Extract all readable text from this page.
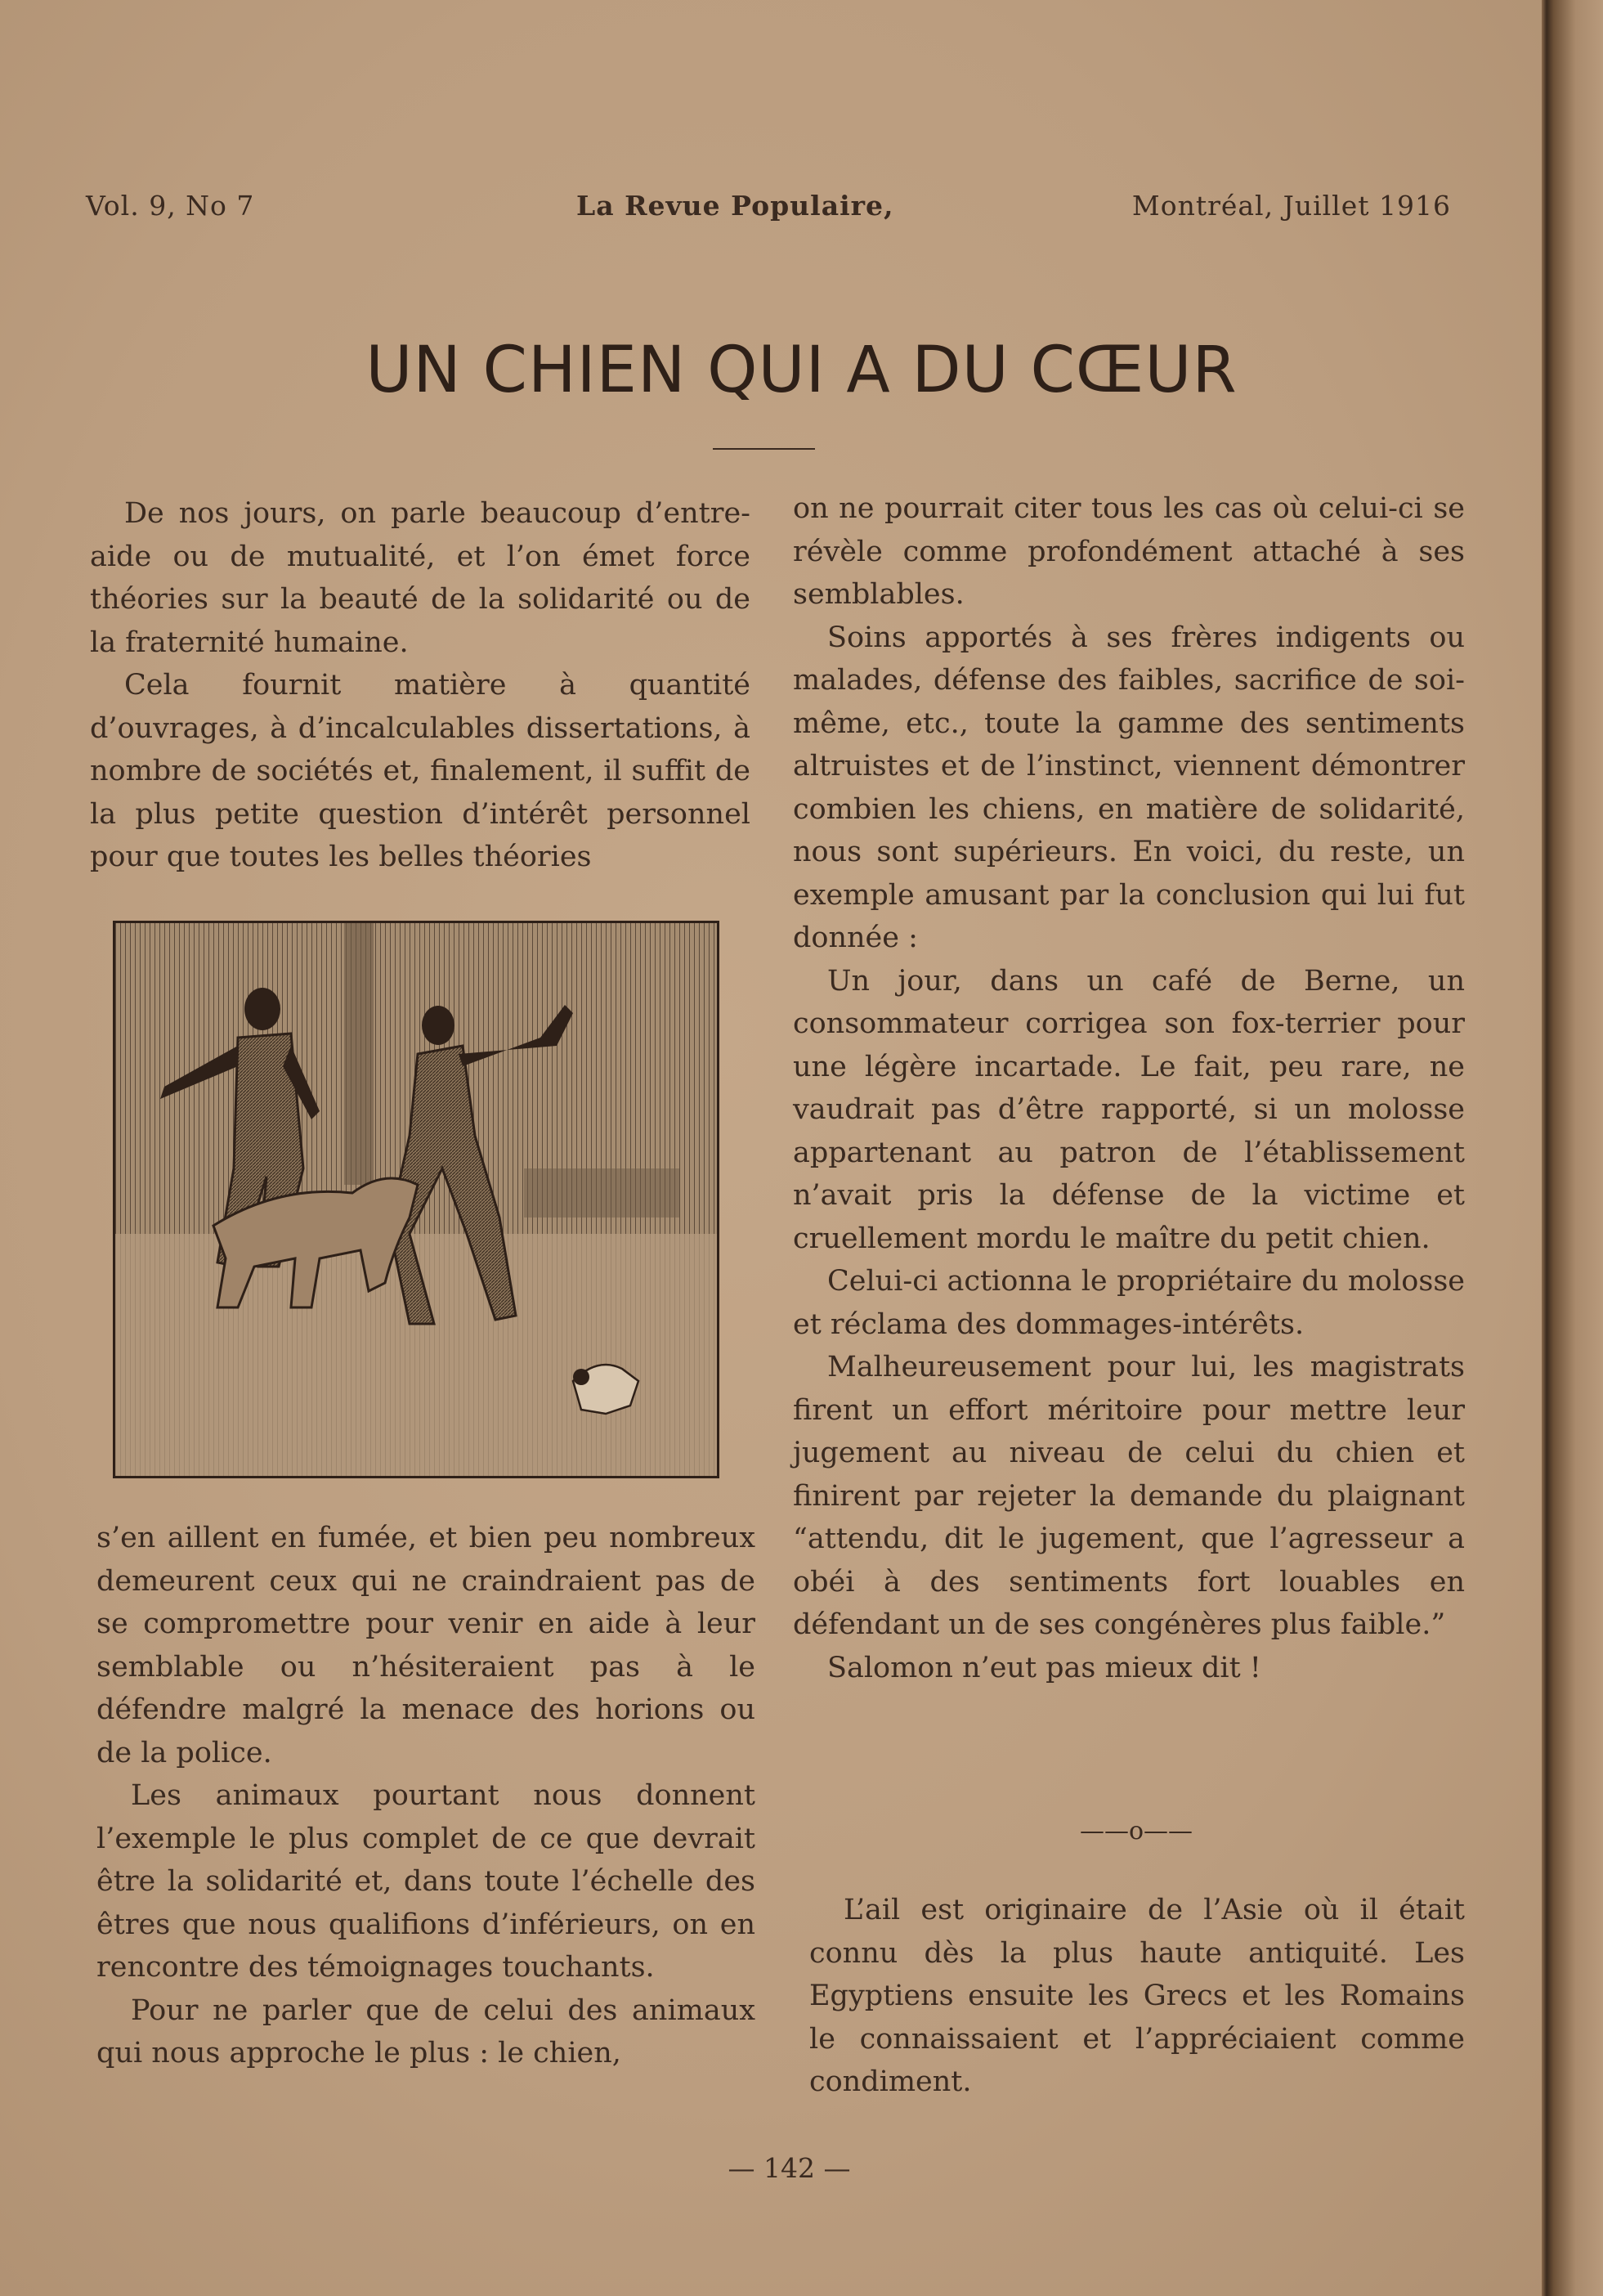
Vol. 9, No 7	La Revue Populaire,	Montréal, Juillet 1916
UN CHIEN QUI A DU CŒUR

De nos jours, on parle beaucoup d’entre-aide ou de mutualité, et l’on émet force théories sur la beauté de la solidarité ou de la fraternité humaine.

Cela fournit matière à quantité d’ouvrages, à d’incalculables dissertations, à nombre de sociétés et, finalement, il suffit de la plus petite question d’intérêt personnel pour que toutes les belles théories

s’en aillent en fumée, et bien peu nombreux demeurent ceux qui ne craindraient pas de se compromettre pour venir en aide à leur semblable ou n’hésiteraient pas à le défendre malgré la menace des horions ou de la police.

Les animaux pourtant nous donnent l’exemple le plus complet de ce que devrait être la solidarité et, dans toute l’échelle des êtres que nous qualifions d’inférieurs, on en rencontre des témoignages touchants.

Pour ne parler que de celui des animaux qui nous approche le plus : le chien,

on ne pourrait citer tous les cas où celui-ci se révèle comme profondément attaché à ses semblables.

Soins apportés à ses frères indigents ou malades, défense des faibles, sacrifice de soi-même, etc., toute la gamme des sentiments altruistes et de l’instinct, viennent démontrer combien les chiens, en matière de solidarité, nous sont supérieurs. En voici, du reste, un exemple amusant par la conclusion qui lui fut donnée :

Un jour, dans un café de Berne, un consommateur corrigea son fox-terrier pour une légère incartade. Le fait, peu rare, ne vaudrait pas d’être rapporté, si un molosse appartenant au patron de l’établissement n’avait pris la défense de la victime et cruellement mordu le maître du petit chien.

Celui-ci actionna le propriétaire du molosse et réclama des dommages-intérêts.

Malheureusement pour lui, les magistrats firent un effort méritoire pour mettre leur jugement au niveau de celui du chien et finirent par rejeter la demande du plaignant “attendu, dit le jugement, que l’agresseur a obéi à des sentiments fort louables en défendant un de ses congénères plus faible.”

Salomon n’eut pas mieux dit !

——o——

L’ail est originaire de l’Asie où il était connu dès la plus haute antiquité. Les Egyptiens ensuite les Grecs et les Romains le connaissaient et l’appréciaient comme condiment.

— 142 —
